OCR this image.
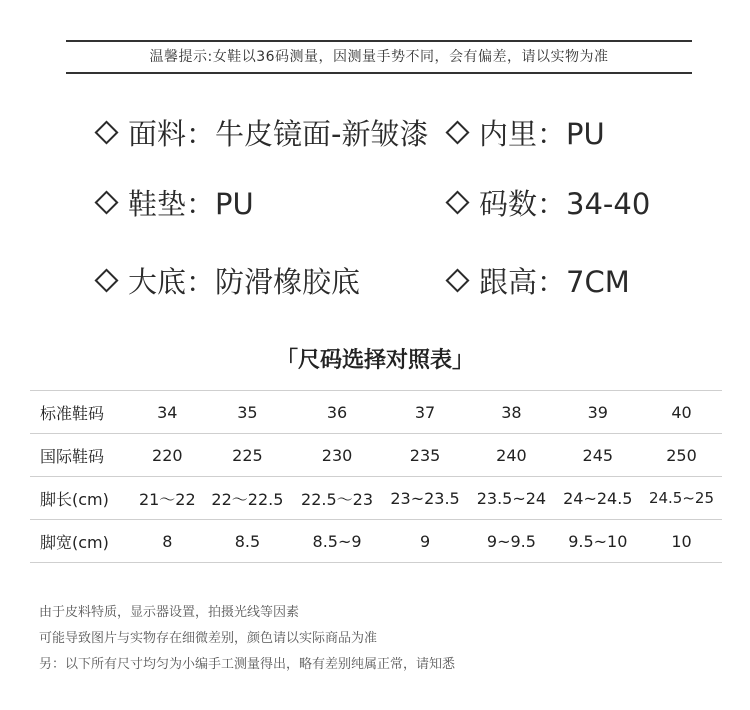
温馨提示:女鞋以36码测量，因测量手势不同，会有偏差，请以实物为准
面料：牛皮镜面-新皱漆 内里：PU
鞋垫：PU	码数：34-40
大底：防滑橡胶底	跟高：7CM
「尺码选择对照表」
标准鞋码	34	35	36	37	38	39	40
国际鞋码	220	225	230	235	240	245	250
脚长(cm)	21～22	22～22.5	22.5～23	23~23.5	23.5~24	24~24.5	24.5~25
脚宽(cm)	8	8.5	8.5~9	9	9~9.5	9.5~10	10
由于皮料特质，显示器设置，拍摄光线等因素
可能导致图片与实物存在细微差别，颜色请以实际商品为准
另：以下所有尺寸均匀为小编手工测量得出，略有差别纯属正常，请知悉
